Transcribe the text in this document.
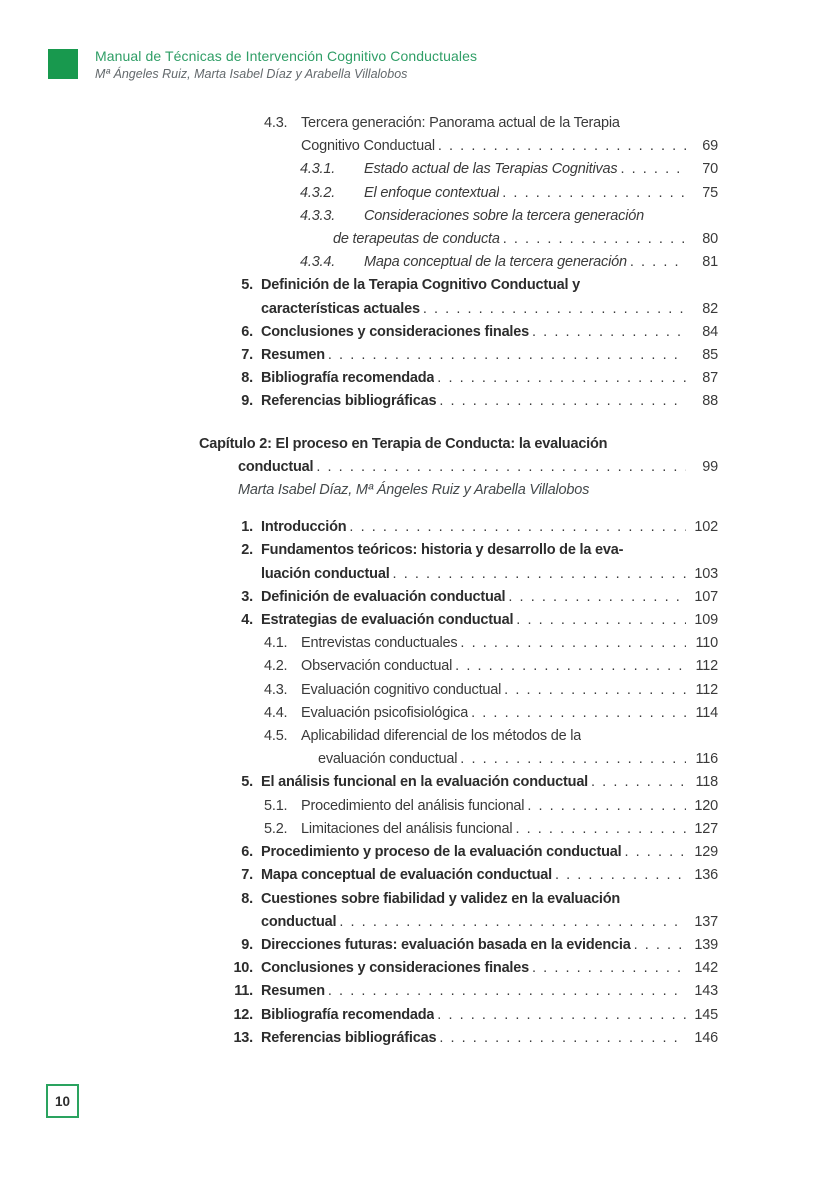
Manual de Técnicas de Intervención Cognitivo Conductuales
Mª Ángeles Ruiz, Marta Isabel Díaz y Arabella Villalobos
4.3. Tercera generación: Panorama actual de la Terapia
Cognitivo Conductual . . .	69
4.3.1.	Estado actual de las Terapias Cognitivas . . .	70
4.3.2.	El enfoque contextual . . .	75
4.3.3.	Consideraciones sobre la tercera generación
de terapeutas de conducta . . .	80
4.3.4.	Mapa conceptual de la tercera generación . . .	81
5. Definición de la Terapia Cognitivo Conductual y
características actuales . . .	82
6. Conclusiones y consideraciones finales . . .	84
7. Resumen . . .	85
8. Bibliografía recomendada . . .	87
9. Referencias bibliográficas . . .	88
Capítulo 2: El proceso en Terapia de Conducta: la evaluación
conductual . . .	99
Marta Isabel Díaz, Mª Ángeles Ruiz y Arabella Villalobos
1. Introducción . . .	102
2. Fundamentos teóricos: historia y desarrollo de la eva-
luación conductual . . .	103
3. Definición de evaluación conductual . . .	107
4. Estrategias de evaluación conductual . . .	109
4.1. Entrevistas conductuales . . .	110
4.2. Observación conductual . . .	112
4.3. Evaluación cognitivo conductual . . .	112
4.4. Evaluación psicofisiológica . . .	114
4.5. Aplicabilidad diferencial de los métodos de la
evaluación conductual . . .	116
5. El análisis funcional en la evaluación conductual . . .	118
5.1. Procedimiento del análisis funcional . . .	120
5.2. Limitaciones del análisis funcional . . .	127
6. Procedimiento y proceso de la evaluación conductual . . .	129
7. Mapa conceptual de evaluación conductual . . .	136
8. Cuestiones sobre fiabilidad y validez en la evaluación
conductual . . .	137
9. Direcciones futuras: evaluación basada en la evidencia . . .	139
10. Conclusiones y consideraciones finales . . .	142
11. Resumen . . .	143
12. Bibliografía recomendada . . .	145
13. Referencias bibliográficas . . .	146
10
